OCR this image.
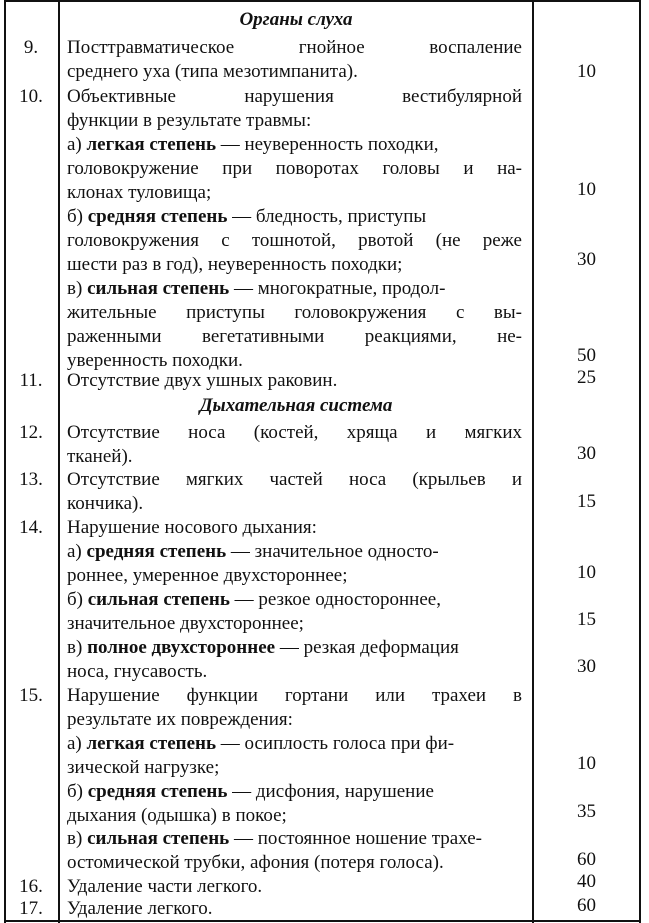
Органы слуха
9.	Посттравматическое гнойное воспаление
среднего уха (типа мезотимпанита).	10
10.	Объективные нарушения вестибулярной
функции в результате травмы:
а) легкая степень — неуверенность походки,
головокружение при поворотах головы и на-
клонах туловища;	10
б) средняя степень — бледность, приступы
головокружения с тошнотой, рвотой (не реже
шести раз в год), неуверенность походки;	30
в) сильная степень — многократные, продол-
жительные приступы головокружения с вы-
раженными вегетативными реакциями, не-
уверенность походки.	50
11.	Отсутствие двух ушных раковин.	25
Дыхательная система
12.	Отсутствие носа (костей, хряща и мягких
тканей).	30
13.	Отсутствие мягких частей носа (крыльев и
кончика).	15
14.	Нарушение носового дыхания:
а) средняя степень — значительное односто-
роннее, умеренное двухстороннее;	10
б) сильная степень — резкое одностороннее,
значительное двухстороннее;	15
в) полное двухстороннее — резкая деформация
носа, гнусавость.	30
15.	Нарушение функции гортани или трахеи в
результате их повреждения:
а) легкая степень — осиплость голоса при фи-
зической нагрузке;	10
б) средняя степень — дисфония, нарушение
дыхания (одышка) в покое;	35
в) сильная степень — постоянное ношение трахе-
остомической трубки, афония (потеря голоса).	60
16.	Удаление части легкого.	40
17.	Удаление легкого.	60
